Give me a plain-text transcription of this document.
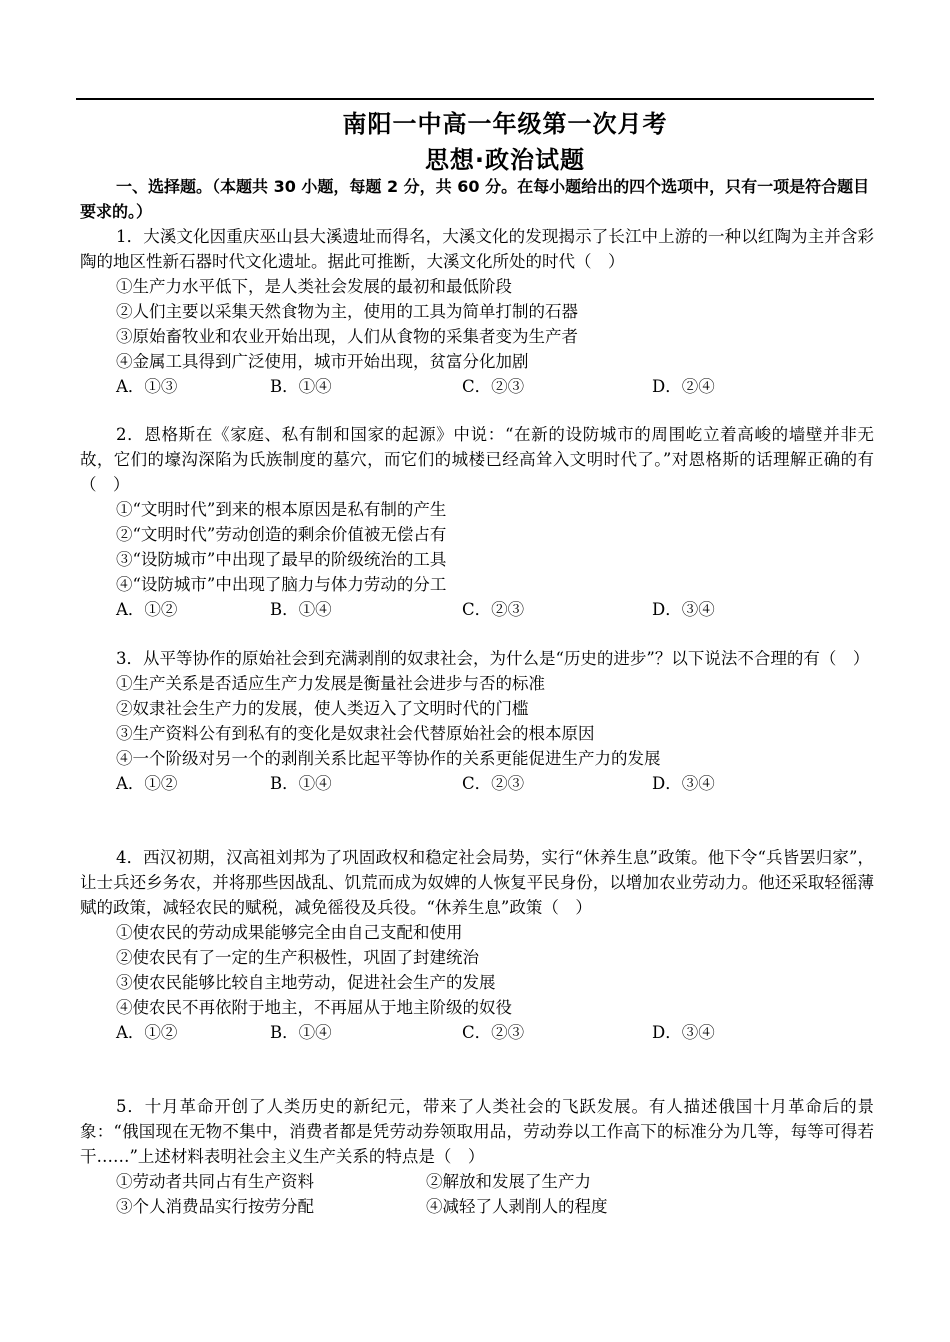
南阳一中高一年级第一次月考
思想·政治试题
一、选择题。（本题共 30 小题，每题 2 分，共 60 分。在每小题给出的四个选项中，只有一项是符合题目要求的。）
1．大溪文化因重庆巫山县大溪遗址而得名，大溪文化的发现揭示了长江中上游的一种以红陶为主并含彩陶的地区性新石器时代文化遗址。据此可推断，大溪文化所处的时代（　）
①生产力水平低下，是人类社会发展的最初和最低阶段
②人们主要以采集天然食物为主，使用的工具为简单打制的石器
③原始畜牧业和农业开始出现，人们从食物的采集者变为生产者
④金属工具得到广泛使用，城市开始出现，贫富分化加剧
A．①③	B．①④	C．②③	D．②④
2．恩格斯在《家庭、私有制和国家的起源》中说：“在新的设防城市的周围屹立着高峻的墙壁并非无故，它们的壕沟深陷为氏族制度的墓穴，而它们的城楼已经高耸入文明时代了。”对恩格斯的话理解正确的有（　）
①“文明时代”到来的根本原因是私有制的产生
②“文明时代”劳动创造的剩余价值被无偿占有
③“设防城市”中出现了最早的阶级统治的工具
④“设防城市”中出现了脑力与体力劳动的分工
A．①②	B．①④	C．②③	D．③④
3．从平等协作的原始社会到充满剥削的奴隶社会，为什么是“历史的进步”？以下说法不合理的有（　）
①生产关系是否适应生产力发展是衡量社会进步与否的标准
②奴隶社会生产力的发展，使人类迈入了文明时代的门槛
③生产资料公有到私有的变化是奴隶社会代替原始社会的根本原因
④一个阶级对另一个的剥削关系比起平等协作的关系更能促进生产力的发展
A．①②	B．①④	C．②③	D．③④
4．西汉初期，汉高祖刘邦为了巩固政权和稳定社会局势，实行“休养生息”政策。他下令“兵皆罢归家”，让士兵还乡务农，并将那些因战乱、饥荒而成为奴婢的人恢复平民身份，以增加农业劳动力。他还采取轻徭薄赋的政策，减轻农民的赋税，减免徭役及兵役。“休养生息”政策（　）
①使农民的劳动成果能够完全由自己支配和使用
②使农民有了一定的生产积极性，巩固了封建统治
③使农民能够比较自主地劳动，促进社会生产的发展
④使农民不再依附于地主，不再屈从于地主阶级的奴役
A．①②	B．①④	C．②③	D．③④
5．十月革命开创了人类历史的新纪元，带来了人类社会的飞跃发展。有人描述俄国十月革命后的景象：“俄国现在无物不集中，消费者都是凭劳动券领取用品，劳动券以工作高下的标准分为几等，每等可得若干……”上述材料表明社会主义生产关系的特点是（　）
①劳动者共同占有生产资料	②解放和发展了生产力
③个人消费品实行按劳分配	④减轻了人剥削人的程度
